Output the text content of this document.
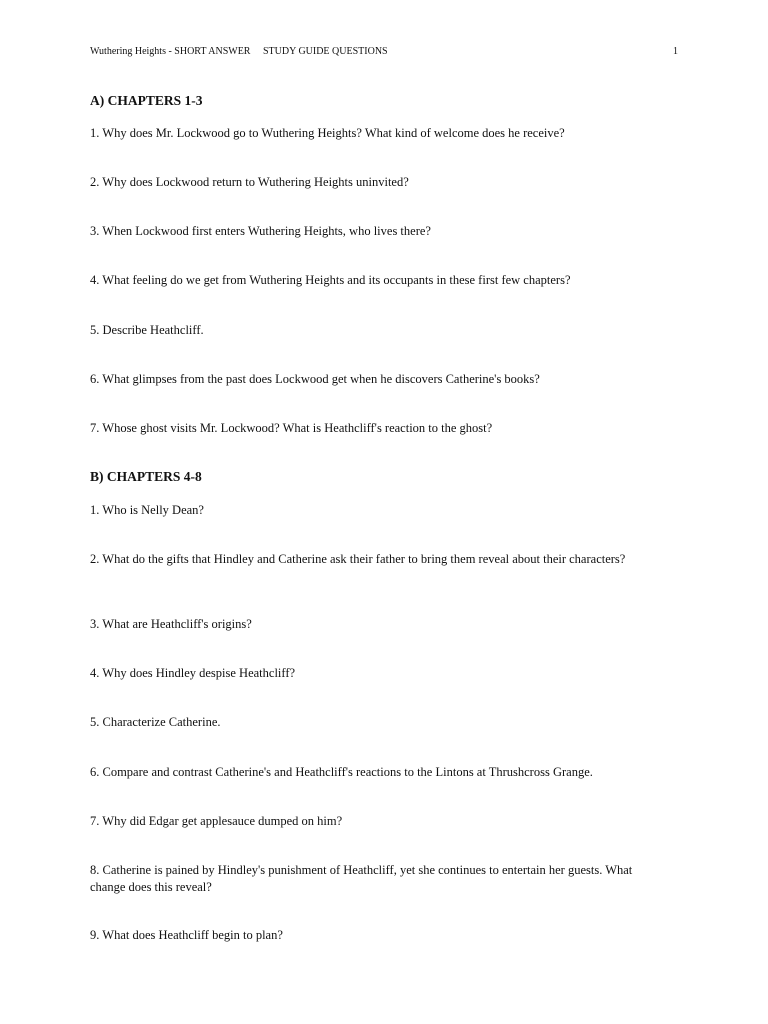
Wuthering Heights - SHORT ANSWER     STUDY GUIDE QUESTIONS	1
A) CHAPTERS 1-3
1. Why does Mr. Lockwood go to Wuthering Heights? What kind of welcome does he receive?
2. Why does Lockwood return to Wuthering Heights uninvited?
3. When Lockwood first enters Wuthering Heights, who lives there?
4. What feeling do we get from Wuthering Heights and its occupants in these first few chapters?
5. Describe Heathcliff.
6. What glimpses from the past does Lockwood get when he discovers Catherine's books?
7. Whose ghost visits Mr. Lockwood? What is Heathcliff's reaction to the ghost?
B) CHAPTERS 4-8
1. Who is Nelly Dean?
2. What do the gifts that Hindley and Catherine ask their father to bring them reveal about their characters?
3. What are Heathcliff's origins?
4. Why does Hindley despise Heathcliff?
5. Characterize Catherine.
6. Compare and contrast Catherine's and Heathcliff's reactions to the Lintons at Thrushcross Grange.
7. Why did Edgar get applesauce dumped on him?
8. Catherine is pained by Hindley's punishment of Heathcliff, yet she continues to entertain her guests. What change does this reveal?
9. What does Heathcliff begin to plan?
